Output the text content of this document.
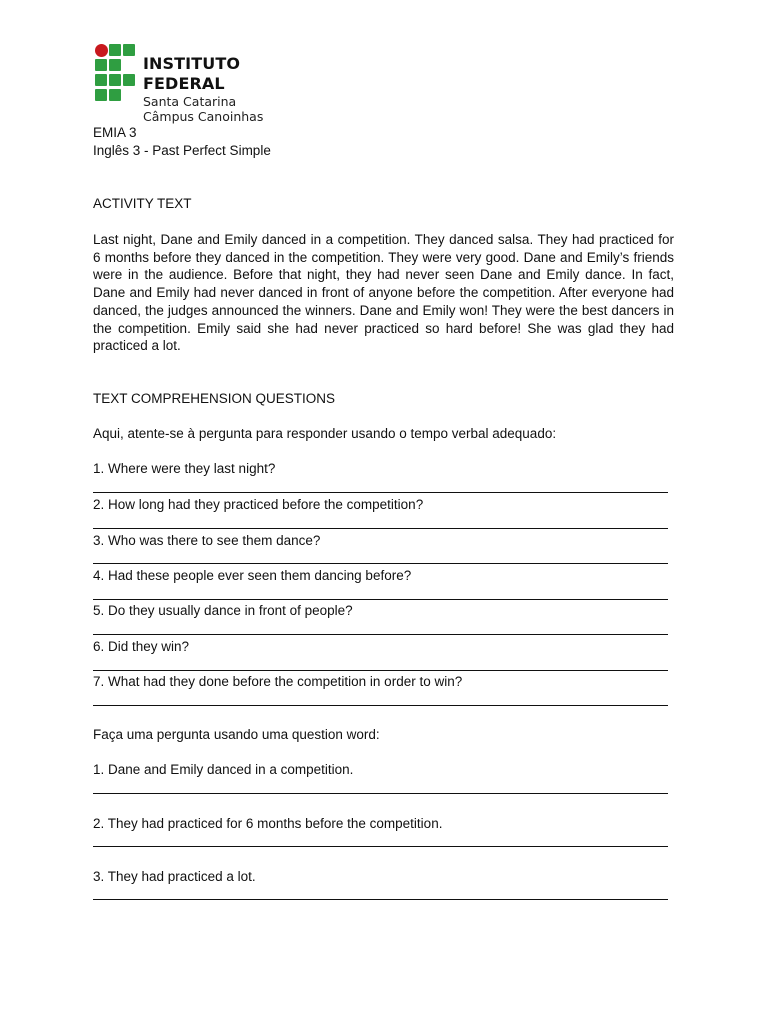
INSTITUTO FEDERAL
Santa Catarina
Câmpus Canoinhas
EMIA 3
Inglês 3 - Past Perfect Simple
ACTIVITY TEXT
Last night, Dane and Emily danced in a competition. They danced salsa. They had practiced for 6 months before they danced in the competition. They were very good. Dane and Emily’s friends were in the audience. Before that night, they had never seen Dane and Emily dance. In fact, Dane and Emily had never danced in front of anyone before the competition. After everyone had danced, the judges announced the winners. Dane and Emily won! They were the best dancers in the competition. Emily said she had never practiced so hard before! She was glad they had practiced a lot.
TEXT COMPREHENSION QUESTIONS
Aqui, atente-se à pergunta para responder usando o tempo verbal adequado:
1. Where were they last night?
2. How long had they practiced before the competition?
3. Who was there to see them dance?
4. Had these people ever seen them dancing before?
5. Do they usually dance in front of people?
6. Did they win?
7. What had they done before the competition in order to win?
Faça uma pergunta usando uma question word:
1. Dane and Emily danced in a competition.
2. They had practiced for 6 months before the competition.
3. They had practiced a lot.
